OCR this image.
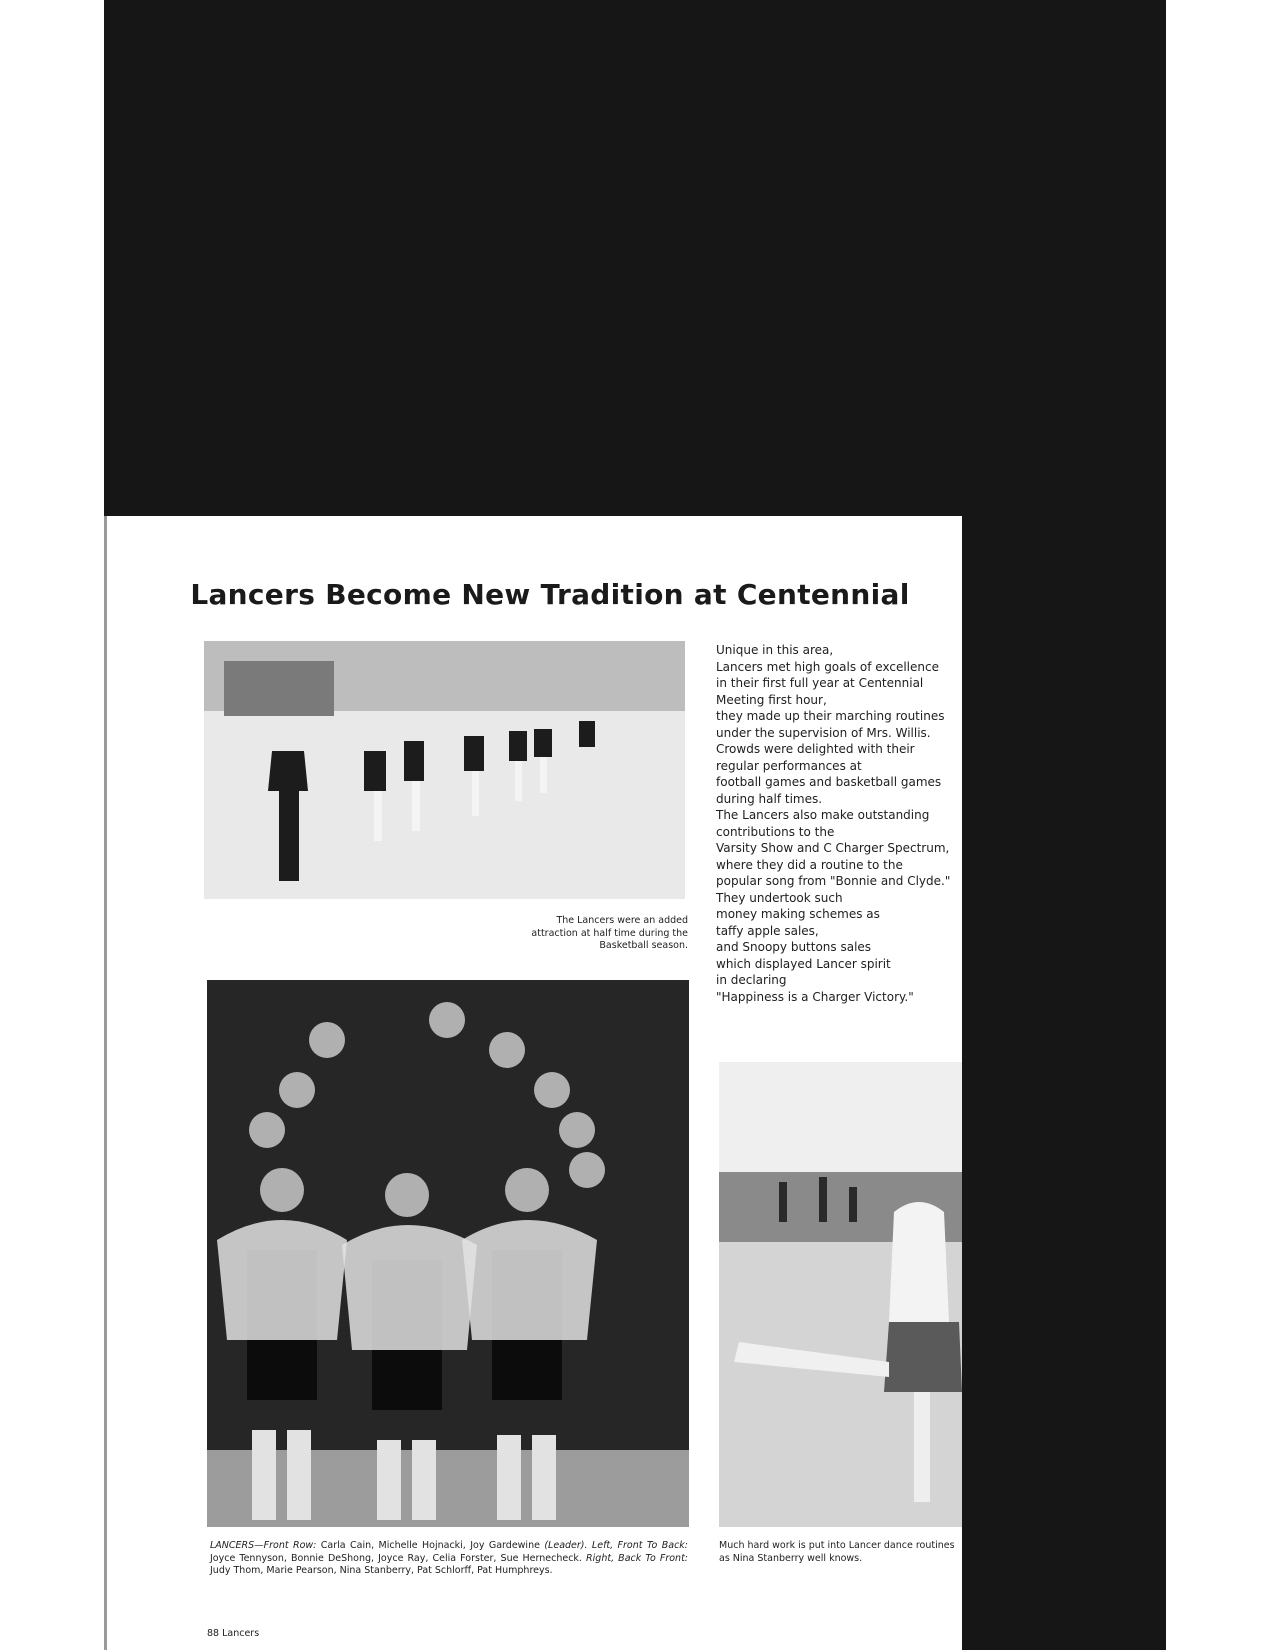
Lancers Become New Tradition at Centennial

The Lancers were an added attraction at half time during the Basketball season.

LANCERS—Front Row: Carla Cain, Michelle Hojnacki, Joy Gardewine (Leader). Left, Front To Back: Joyce Tennyson, Bonnie DeShong, Joyce Ray, Celia Forster, Sue Hernecheck. Right, Back To Front: Judy Thom, Marie Pearson, Nina Stanberry, Pat Schlorff, Pat Humphreys.

Unique in this area,
Lancers met high goals of excellence
in their first full year at Centennial
Meeting first hour,
they made up their marching routines
under the supervision of Mrs. Willis.
Crowds were delighted with their
regular performances at
football games and basketball games
during half times.
The Lancers also make outstanding
contributions to the
Varsity Show and C Charger Spectrum,
where they did a routine to the
popular song from "Bonnie and Clyde."
They undertook such
money making schemes as
taffy apple sales,
and Snoopy buttons sales
which displayed Lancer spirit
in declaring
"Happiness is a Charger Victory."

Much hard work is put into Lancer dance routines as Nina Stanberry well knows.

88 Lancers
